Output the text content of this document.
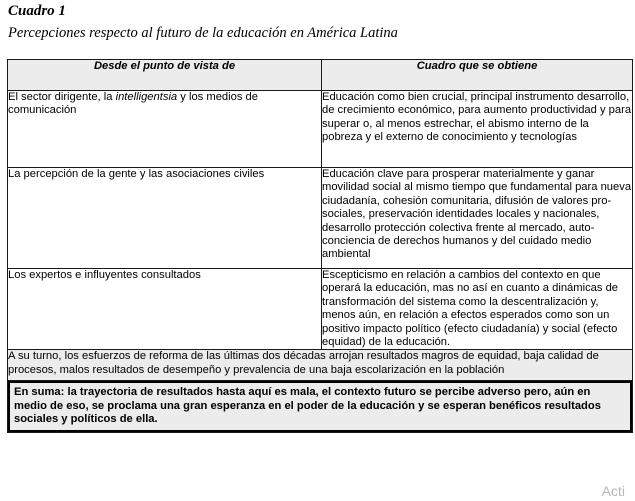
Cuadro 1
Percepciones respecto al futuro de la educación en América Latina
Desde el punto de vista de	Cuadro que se obtiene
El sector dirigente, la intelligentsia y los medios de comunicación	Educación como bien crucial, principal instrumento desarrollo, de crecimiento económico, para aumento productividad y para superar o, al menos estrechar, el abismo interno de la pobreza y el externo de conocimiento y tecnologías
La percepción de la gente y las asociaciones civiles	Educación clave para prosperar materialmente y ganar movilidad social al mismo tiempo que fundamental para nueva ciudadanía, cohesión comunitaria, difusión de valores pro-sociales, preservación identidades locales y nacionales, desarrollo protección colectiva frente al mercado, auto-conciencia de derechos humanos y del cuidado medio ambiental
Los expertos e influyentes consultados	Escepticismo en relación a cambios del contexto en que operará la educación, mas no así en cuanto a dinámicas de transformación del sistema como la descentralización y, menos aún, en relación a efectos esperados como son un positivo impacto político (efecto ciudadanía) y social (efecto equidad) de la educación.
A su turno, los esfuerzos de reforma de las últimas dos décadas arrojan resultados magros de equidad, baja calidad de procesos, malos resultados de desempeño y prevalencia de una baja escolarización en la población	

En suma: la trayectoria de resultados hasta aquí es mala, el contexto futuro se percibe adverso pero, aún en medio de eso, se proclama una gran esperanza en el poder de la educación y se esperan benéficos resultados sociales y políticos de ella.	
Acti
